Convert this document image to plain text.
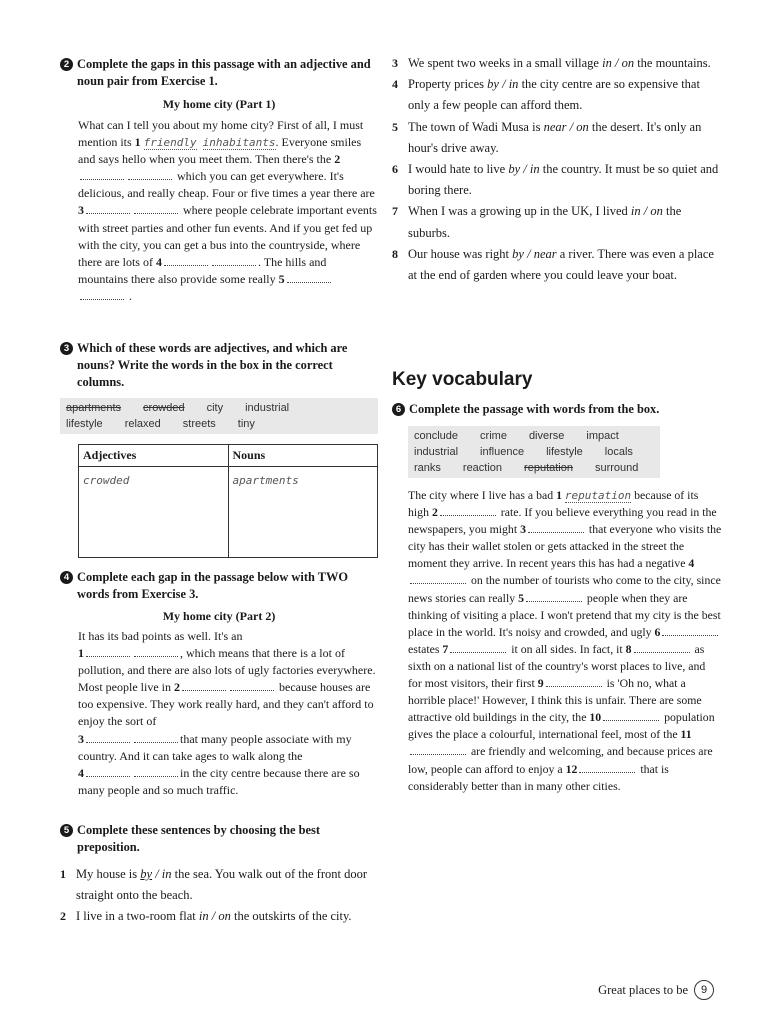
2 Complete the gaps in this passage with an adjective and noun pair from Exercise 1.
My home city (Part 1)

What can I tell you about my home city? First of all, I must mention its 1 friendly inhabitants. Everyone smiles and says hello when you meet them. Then there's the 2 which you can get everywhere. It's delicious, and really cheap. Four or five times a year there are 3	where people celebrate important events with street parties and other fun events. And if you get fed up with the city, you can get a bus into the countryside, where there are lots of 4	. The hills and mountains there also provide some really 5 .

3 Which of these words are adjectives, and which are nouns? Write the words in the box in the correct columns.
apartments crowded city industrial
lifestyle relaxed streets tiny
Adjectives	Nouns
crowded	apartments
4 Complete each gap in the passage below with TWO words from Exercise 3.
My home city (Part 2)

It has its bad points as well. It's an
1	, which means that there is a lot of pollution, and there are also lots of ugly factories everywhere. Most people live in 2	because houses are too expensive. They work really hard, and they can't afford to enjoy the sort of
3	that many people associate with my country. And it can take ages to walk along the
4	in the city centre because there are so many people and so much traffic.

5 Complete these sentences by choosing the best preposition.
1 My house is by / in the sea. You walk out of the front door straight onto the beach.
2 I live in a two-room flat in / on the outskirts of the city.
3 We spent two weeks in a small village in / on the mountains.
4 Property prices by / in the city centre are so expensive that only a few people can afford them.
5 The town of Wadi Musa is near / on the desert. It's only an hour's drive away.
6 I would hate to live by / in the country. It must be so quiet and boring there.
7 When I was a growing up in the UK, I lived in / on the suburbs.
8 Our house was right by / near a river. There was even a place at the end of garden where you could leave your boat.
Key vocabulary
6 Complete the passage with words from the box.
conclude crime diverse impact
industrial influence lifestyle locals
ranks reaction reputation surround

The city where I live has a bad 1 reputation because of its high 2	rate. If you believe everything you read in the newspapers, you might 3	that everyone who visits the city has their wallet stolen or gets attacked in the street the moment they arrive. In recent years this has had a negative 4 on the number of tourists who come to the city, since news stories can really 5	people when they are thinking of visiting a place. I won't pretend that my city is the best place in the world. It's noisy and crowded, and ugly 6 estates 7	it on all sides. In fact, it 8	as sixth on a national list of the country's worst places to live, and for most visitors, their first 9	is 'Oh no, what a horrible place!' However, I think this is unfair. There are some attractive old buildings in the city, the 10	population gives the place a colourful, international feel, most of the 11 are friendly and welcoming, and because prices are low, people can afford to enjoy a 12	that is considerably better than in many other cities.

Great places to be	9
